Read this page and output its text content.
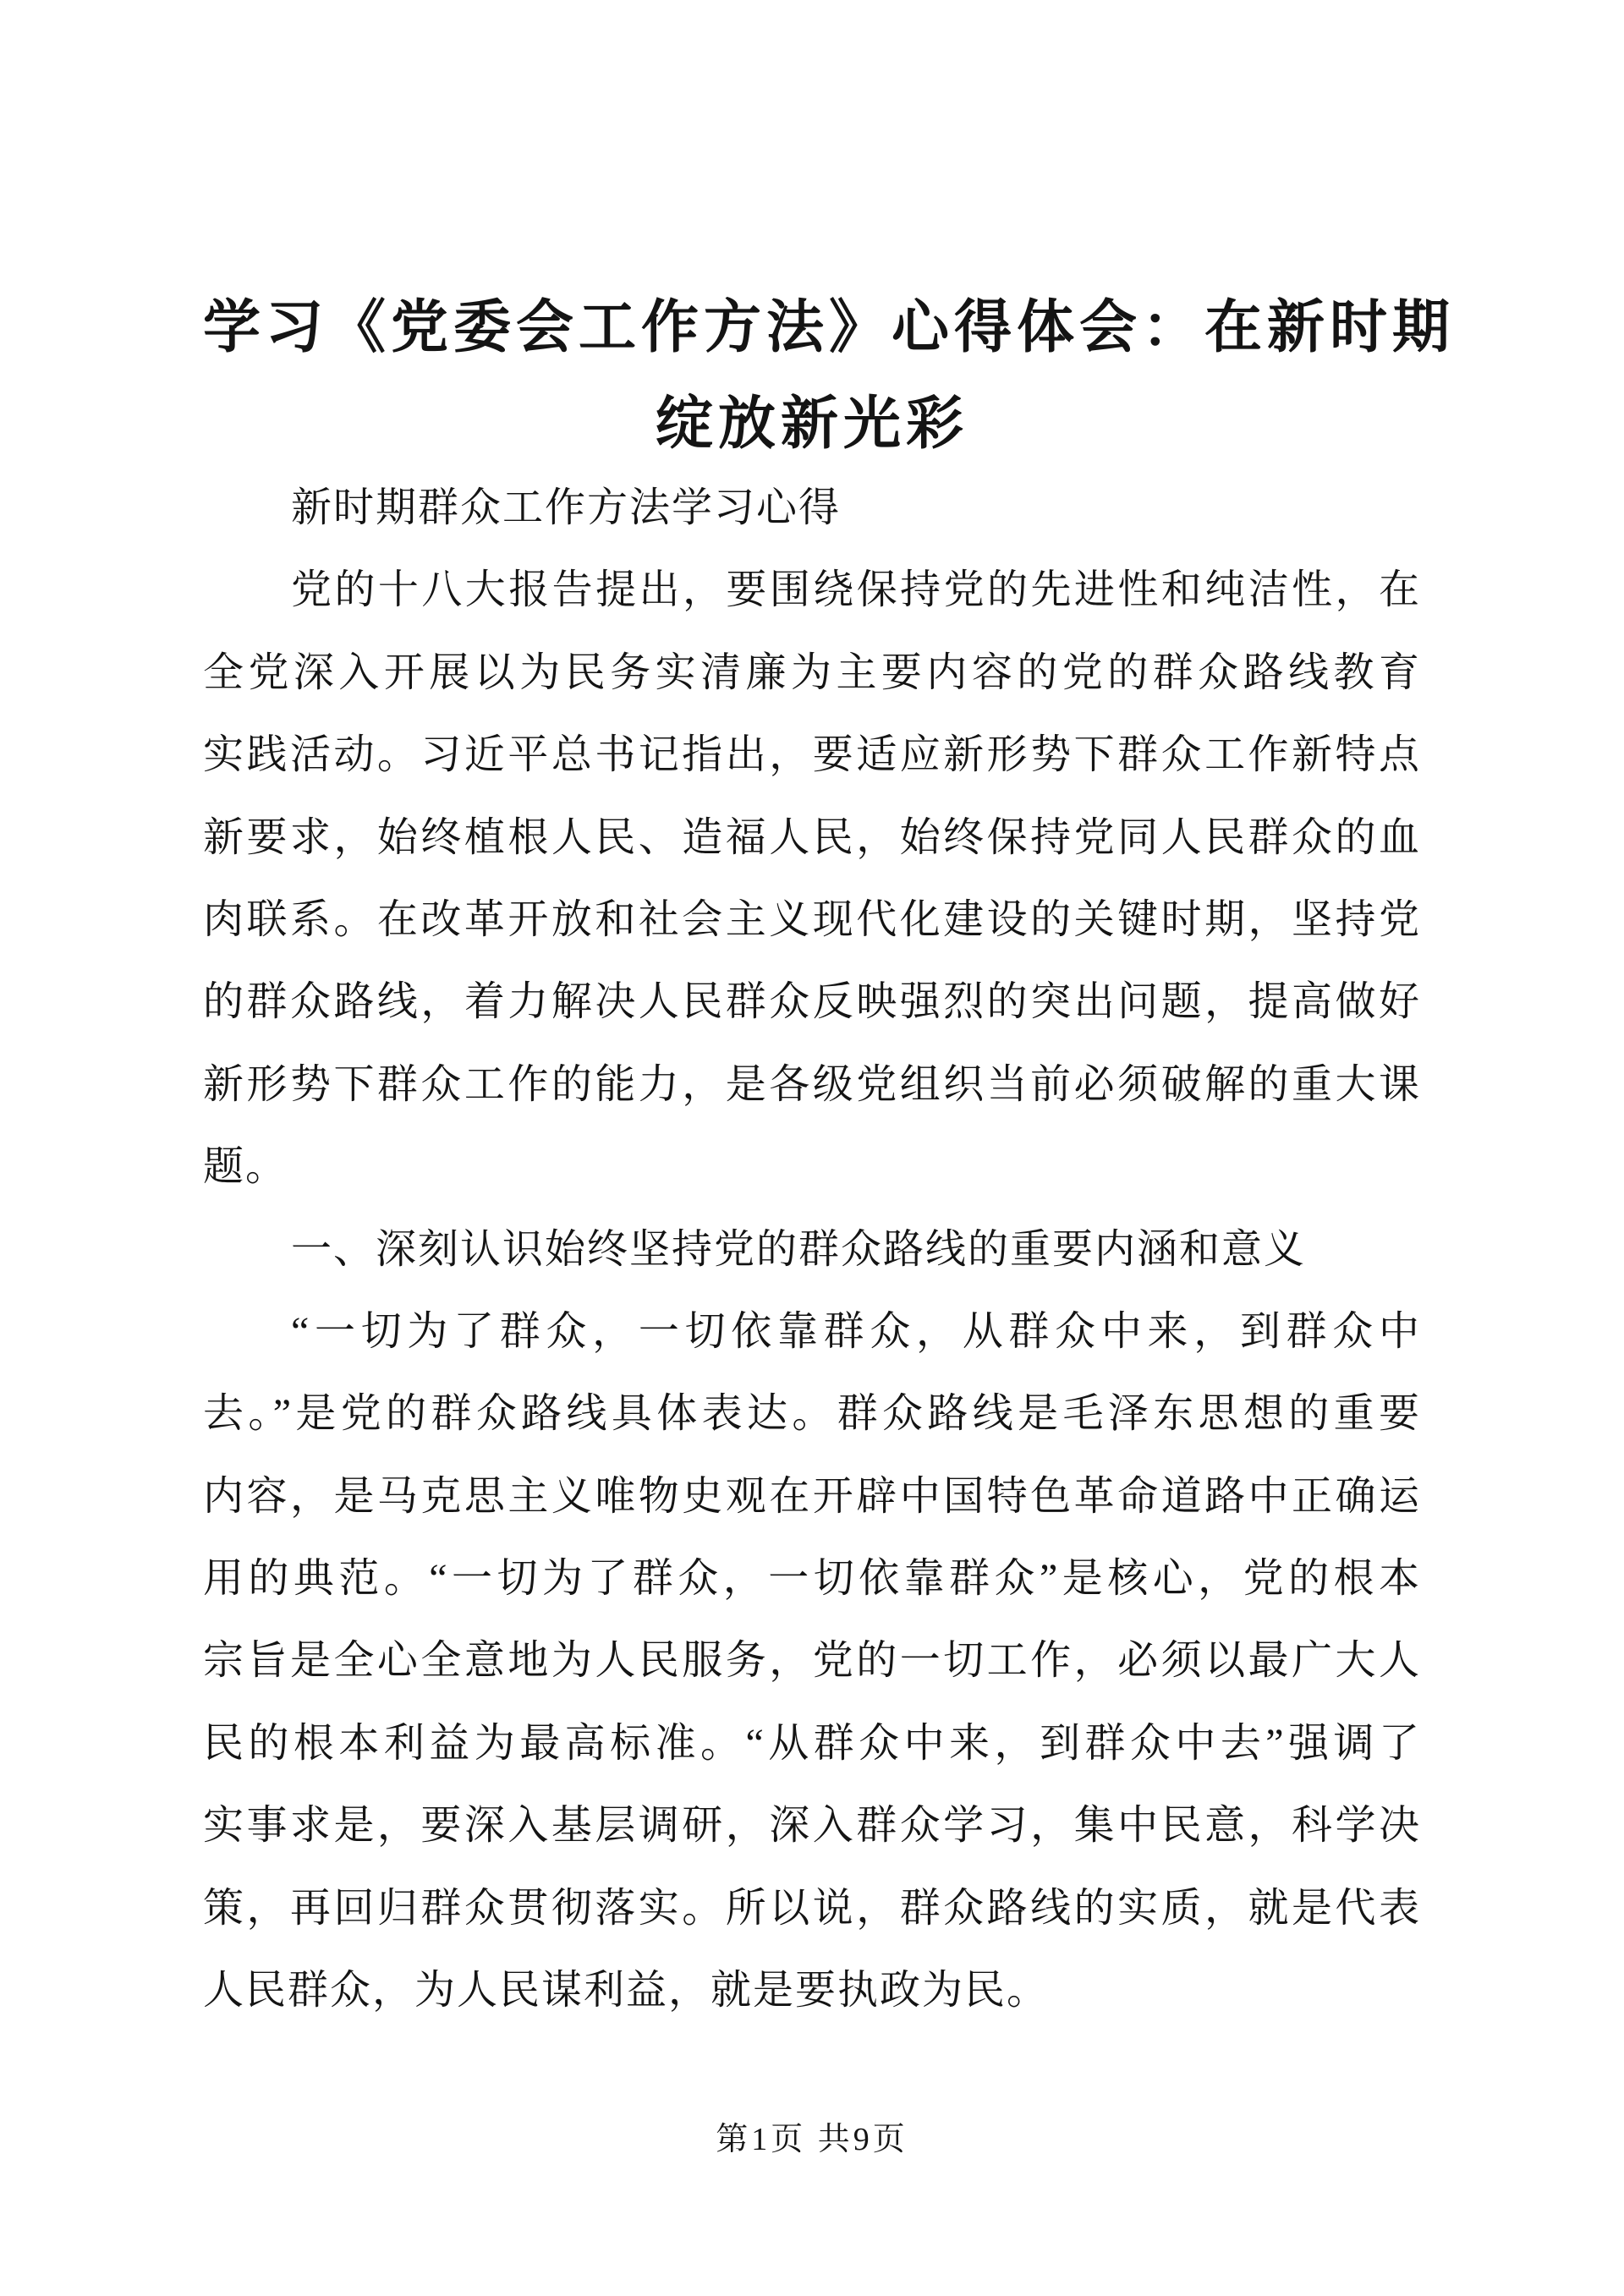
学习《党委会工作方法》心得体会：在新时期
绽放新光彩
新时期群众工作方法学习心得
党的十八大报告提出，要围绕保持党的先进性和纯洁性，在
全党深入开展以为民务实清廉为主要内容的党的群众路线教育
实践活动。习近平总书记指出，要适应新形势下群众工作新特点
新要求，始终植根人民、造福人民，始终保持党同人民群众的血
肉联系。在改革开放和社会主义现代化建设的关键时期，坚持党
的群众路线，着力解决人民群众反映强烈的突出问题，提高做好
新形势下群众工作的能力，是各级党组织当前必须破解的重大课
题。
一、深刻认识始终坚持党的群众路线的重要内涵和意义
“一切为了群众，一切依靠群众，从群众中来，到群众中
去。”是党的群众路线具体表达。群众路线是毛泽东思想的重要
内容，是马克思主义唯物史观在开辟中国特色革命道路中正确运
用的典范。“一切为了群众，一切依靠群众”是核心，党的根本
宗旨是全心全意地为人民服务，党的一切工作，必须以最广大人
民的根本利益为最高标准。“从群众中来，到群众中去”强调了
实事求是，要深入基层调研，深入群众学习，集中民意，科学决
策，再回归群众贯彻落实。所以说，群众路线的实质，就是代表
人民群众，为人民谋利益，就是要执政为民。
第1页 共9页
